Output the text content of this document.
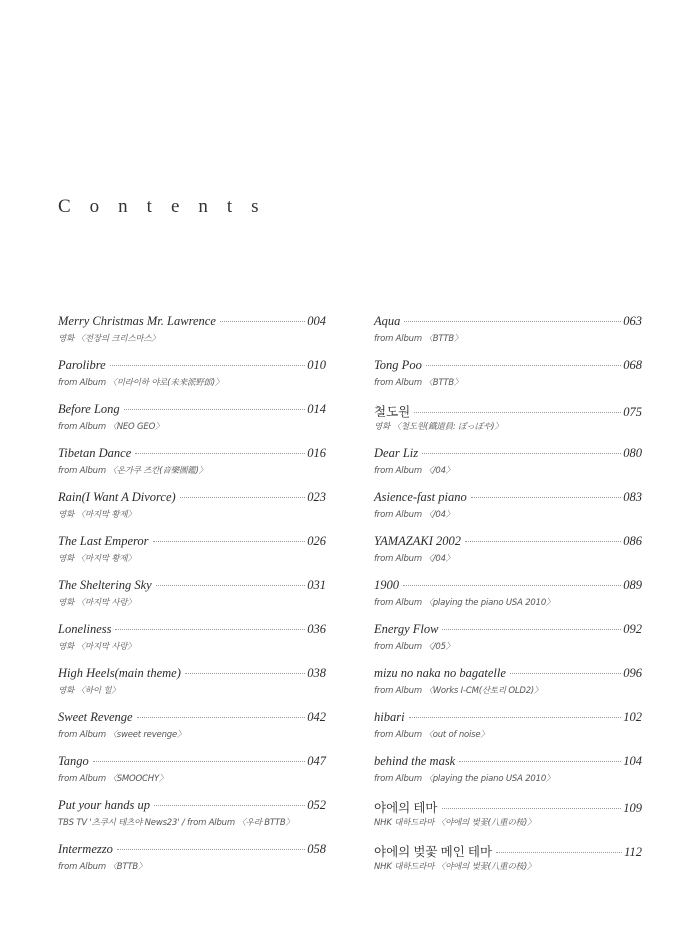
Contents
Merry Christmas Mr. Lawrence	004
영화 〈전장의 크리스마스〉
Parolibre	010
from Album 〈미라이하 야로(未来派野郎)〉
Before Long	014
from Album 〈NEO GEO〉
Tibetan Dance	016
from Album 〈온가쿠 즈칸(音樂圖鑑)〉
Rain(I Want A Divorce)	023
영화 〈마지막 황제〉
The Last Emperor	026
영화 〈마지막 황제〉
The Sheltering Sky	031
영화 〈마지막 사랑〉
Loneliness	036
영화 〈마지막 사랑〉
High Heels(main theme)	038
영화 〈하이 힐〉
Sweet Revenge	042
from Album 〈sweet revenge〉
Tango	047
from Album 〈SMOOCHY〉
Put your hands up	052
TBS TV '츠쿠시 테츠야 News23' / from Album 〈우라 BTTB〉
Intermezzo	058
from Album 〈BTTB〉
Aqua	063
from Album 〈BTTB〉
Tong Poo	068
from Album 〈BTTB〉
철도원	075
영화 〈철도원(鐵道員: ぽっぽや)〉
Dear Liz	080
from Album 〈/04〉
Asience-fast piano	083
from Album 〈/04〉
YAMAZAKI 2002	086
from Album 〈/04〉
1900	089
from Album 〈playing the piano USA 2010〉
Energy Flow	092
from Album 〈/05〉
mizu no naka no bagatelle	096
from Album 〈Works I-CM(산토리 OLD2)〉
hibari	102
from Album 〈out of noise〉
behind the mask	104
from Album 〈playing the piano USA 2010〉
야에의 테마	109
NHK 대하드라마 〈야에의 벚꽃(八重の桜)〉
야에의 벚꽃 메인 테마	112
NHK 대하드라마 〈야에의 벚꽃(八重の桜)〉
